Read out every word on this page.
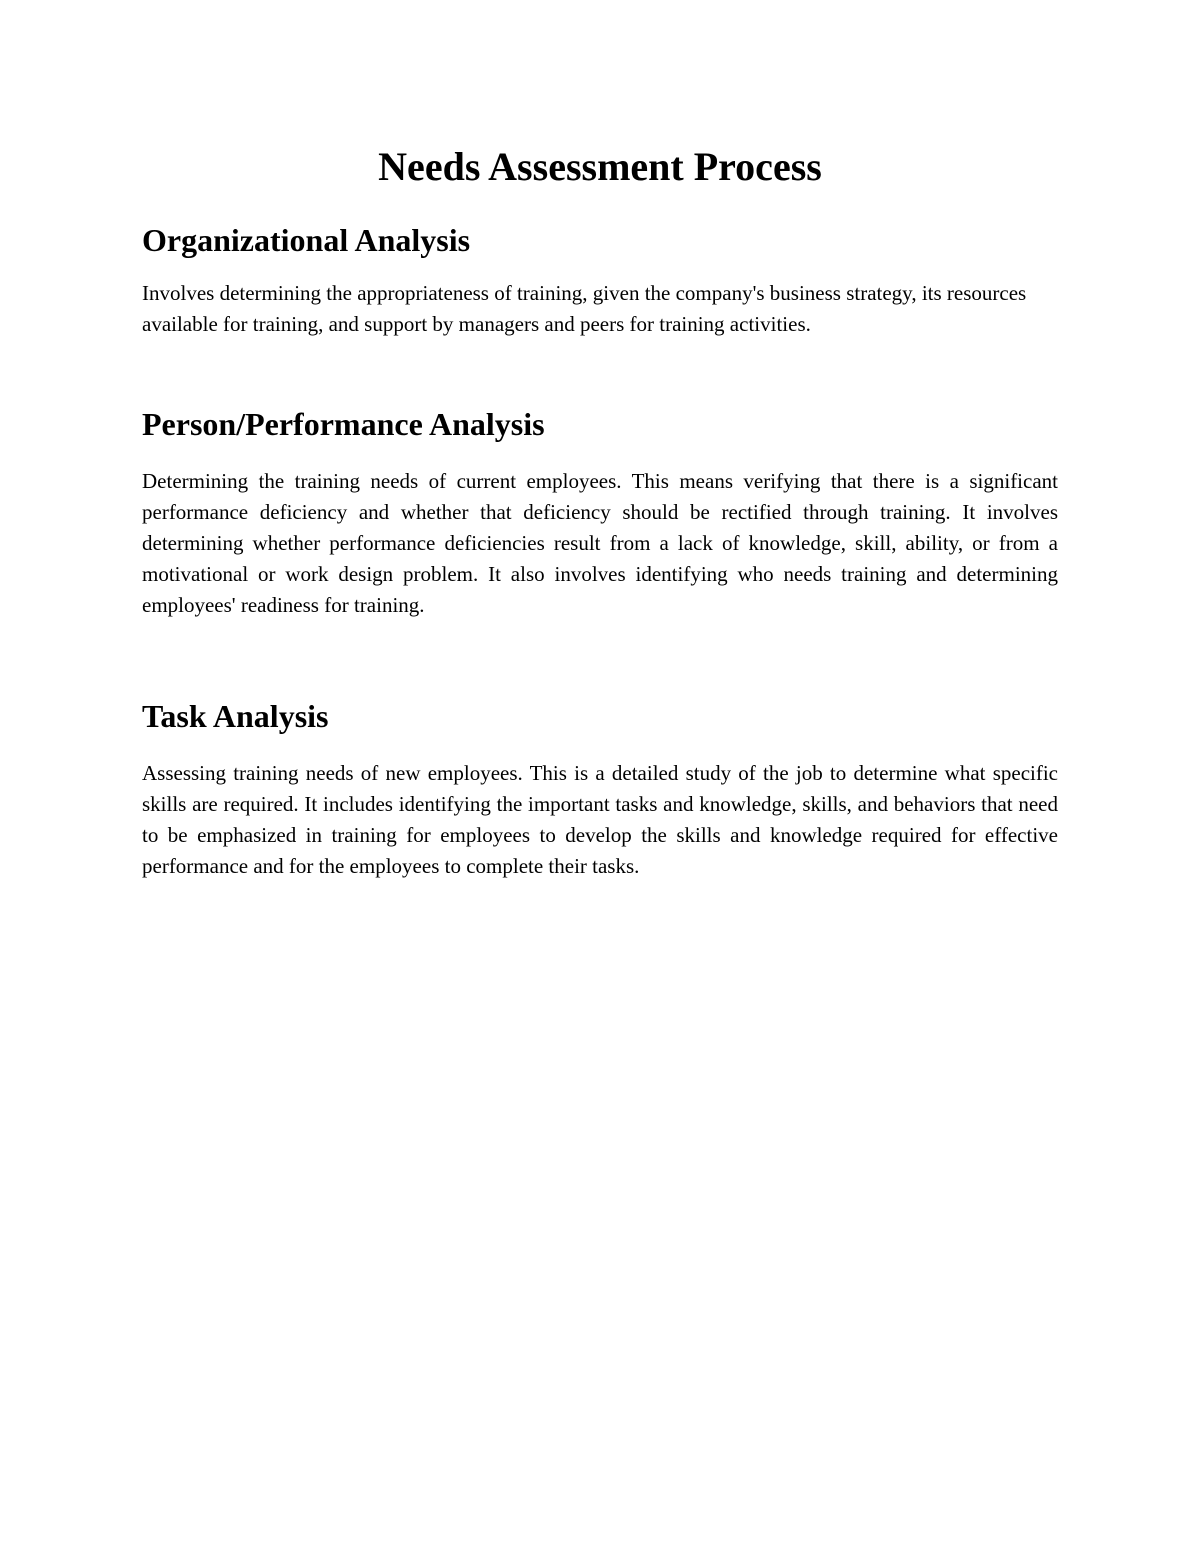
Needs Assessment Process
Organizational Analysis

Involves determining the appropriateness of training, given the company's business strategy, its resources available for training, and support by managers and peers for training activities.

Person/Performance Analysis

Determining the training needs of current employees. This means verifying that there is a significant performance deficiency and whether that deficiency should be rectified through training. It involves determining whether performance deficiencies result from a lack of knowledge, skill, ability, or from a motivational or work design problem. It also involves identifying who needs training and determining employees' readiness for training.

Task Analysis

Assessing training needs of new employees. This is a detailed study of the job to determine what specific skills are required. It includes identifying the important tasks and knowledge, skills, and behaviors that need to be emphasized in training for employees to develop the skills and knowledge required for effective performance and for the employees to complete their tasks.
